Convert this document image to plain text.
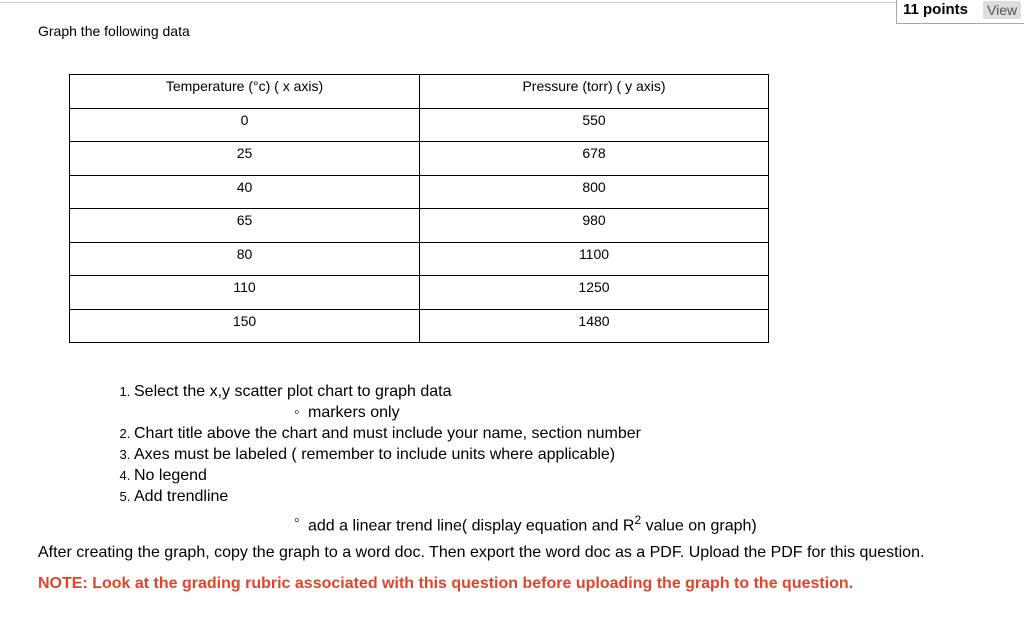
11 points View
Graph the following data
Temperature (°c) ( x axis)	Pressure (torr) ( y axis)
0	550
25	678
40	800
65	980
80	1100
110	1250
150	1480
1. Select the x,y scatter plot chart to graph data
◦ markers only
2. Chart title above the chart and must include your name, section number
3. Axes must be labeled ( remember to include units where applicable)
4. No legend
5. Add trendline
◦ add a linear trend line( display equation and $R^2$ value on graph)
After creating the graph, copy the graph to a word doc. Then export the word doc as a PDF. Upload the PDF for this question.
NOTE: Look at the grading rubric associated with this question before uploading the graph to the question.
